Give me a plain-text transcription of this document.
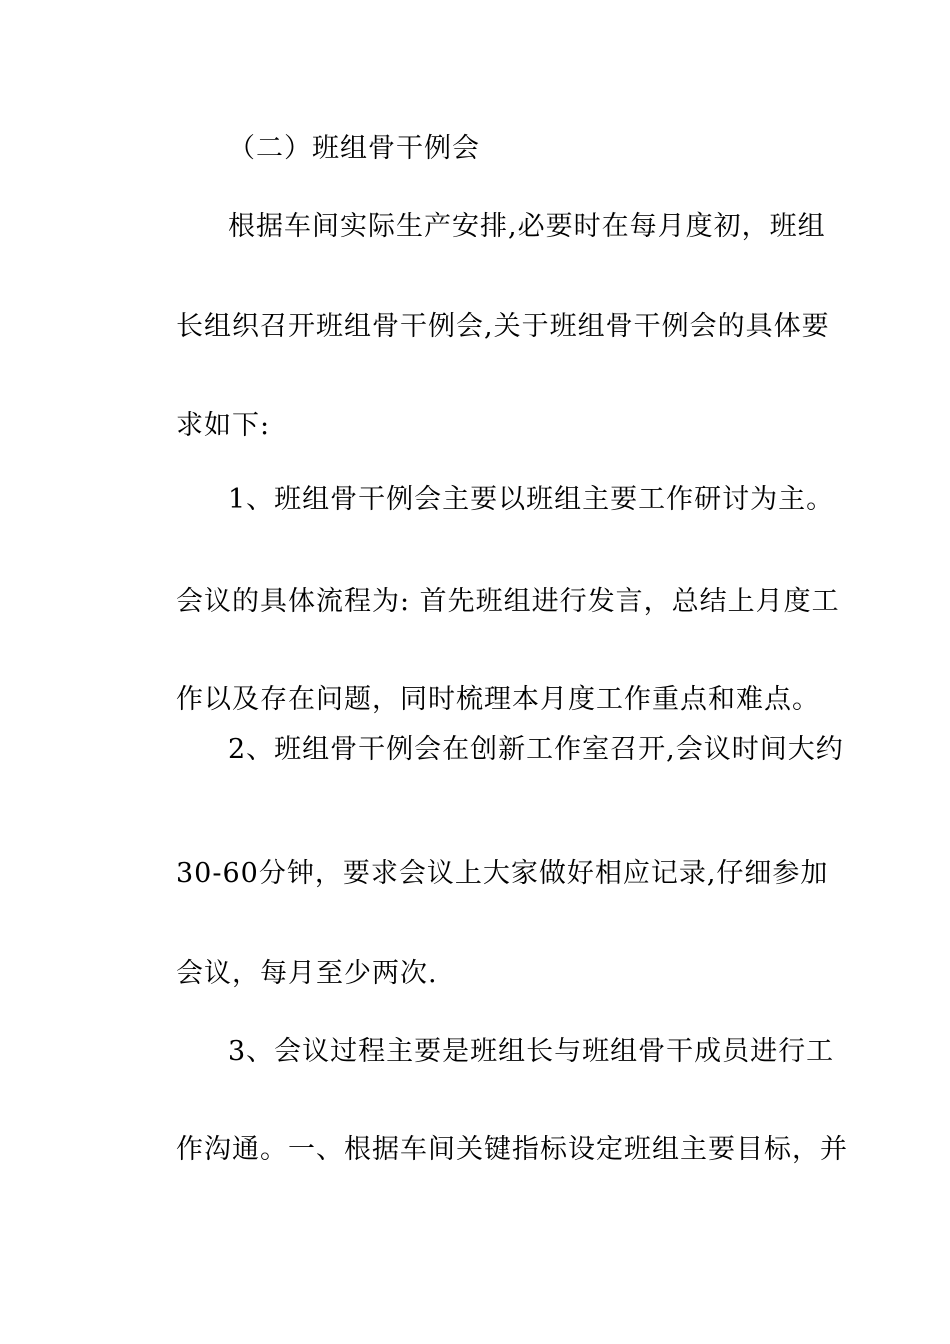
（二）班组骨干例会
根据车间实际生产安排,必要时在每月度初，班组
长组织召开班组骨干例会,关于班组骨干例会的具体要
求如下:
1、班组骨干例会主要以班组主要工作研讨为主。
会议的具体流程为: 首先班组进行发言，总结上月度工
作以及存在问题，同时梳理本月度工作重点和难点。
2、班组骨干例会在创新工作室召开,会议时间大约
30-60分钟，要求会议上大家做好相应记录,仔细参加
会议，每月至少两次.
3、会议过程主要是班组长与班组骨干成员进行工
作沟通。一、根据车间关键指标设定班组主要目标，并
